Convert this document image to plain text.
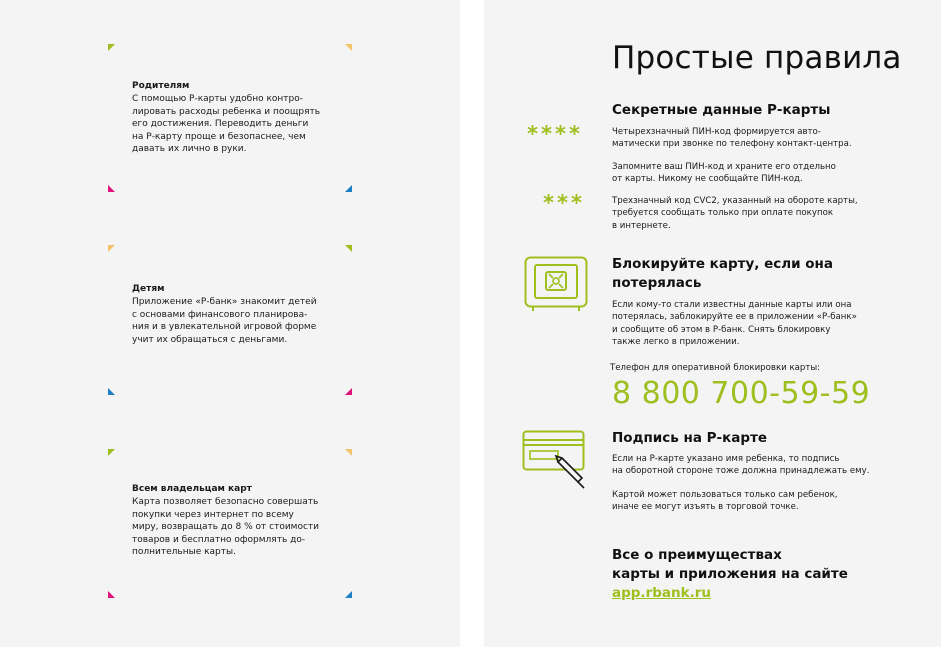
Родителям

С помощью Р-карты удобно контро-
лировать расходы ребенка и поощрять
его достижения. Переводить деньги
на Р-карту проще и безопаснее, чем
давать их лично в руки.

Детям

Приложение «Р-банк» знакомит детей
с основами финансового планирова-
ния и в увлекательной игровой форме
учит их обращаться с деньгами.

Всем владельцам карт

Карта позволяет безопасно совершать
покупки через интернет по всему
миру, возвращать до 8 % от стоимости
товаров и бесплатно оформлять до-
полнительные карты.

Простые правила
Секретные данные Р-карты
****	Четырехзначный ПИН-код формируется авто-
матически при звонке по телефону контакт-центра.

Запомните ваш ПИН-код и храните его отдельно
от карты. Никому не сообщайте ПИН-код.

***	Трехзначный код CVC2, указанный на обороте карты,
требуется сообщать только при оплате покупок
в интернете.

Блокируйте карту, если она
потерялась

Если кому-то стали известны данные карты или она
потерялась, заблокируйте ее в приложении «Р-банк»
и сообщите об этом в Р-банк. Снять блокировку
также легко в приложении.

Телефон для оперативной блокировки карты:

8 800 700-59-59

Подпись на Р-карте

Если на Р-карте указано имя ребенка, то подпись
на оборотной стороне тоже должна принадлежать ему.

Картой может пользоваться только сам ребенок,
иначе ее могут изъять в торговой точке.

Все о преимуществах
карты и приложения на сайте

app.rbank.ru
